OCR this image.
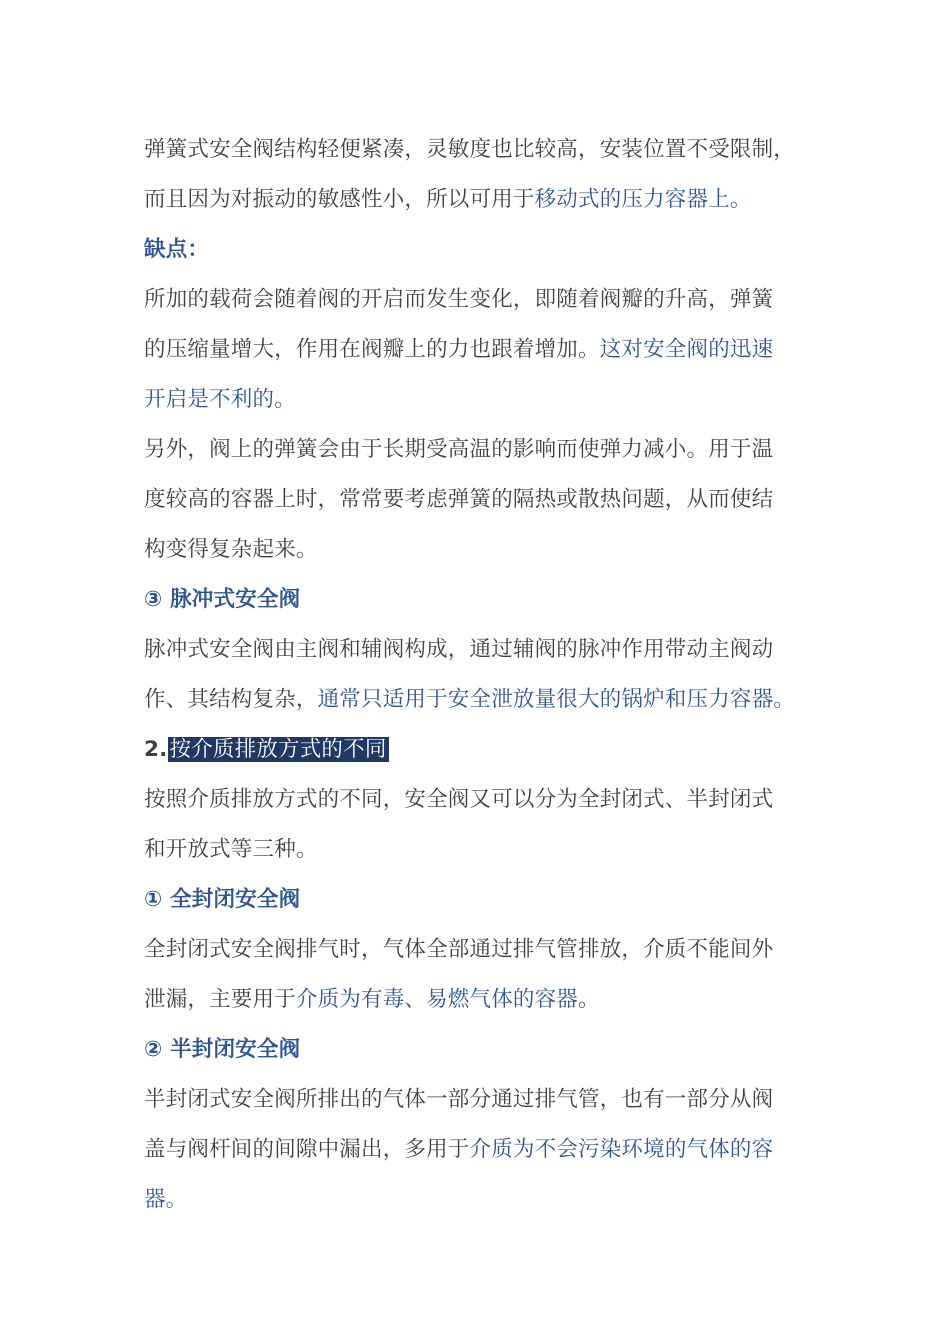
弹簧式安全阀结构轻便紧凑，灵敏度也比较高，安装位置不受限制，
而且因为对振动的敏感性小，所以可用于移动式的压力容器上。
缺点：
所加的载荷会随着阀的开启而发生变化，即随着阀瓣的升高，弹簧
的压缩量增大，作用在阀瓣上的力也跟着增加。这对安全阀的迅速
开启是不利的。
另外，阀上的弹簧会由于长期受高温的影响而使弹力减小。用于温
度较高的容器上时，常常要考虑弹簧的隔热或散热问题，从而使结
构变得复杂起来。
③ 脉冲式安全阀
脉冲式安全阀由主阀和辅阀构成，通过辅阀的脉冲作用带动主阀动
作、其结构复杂，通常只适用于安全泄放量很大的锅炉和压力容器。
2.按介质排放方式的不同
按照介质排放方式的不同，安全阀又可以分为全封闭式、半封闭式
和开放式等三种。
① 全封闭安全阀
全封闭式安全阀排气时，气体全部通过排气管排放，介质不能间外
泄漏，主要用于介质为有毒、易燃气体的容器。
② 半封闭安全阀
半封闭式安全阀所排出的气体一部分通过排气管，也有一部分从阀
盖与阀杆间的间隙中漏出，多用于介质为不会污染环境的气体的容
器。
